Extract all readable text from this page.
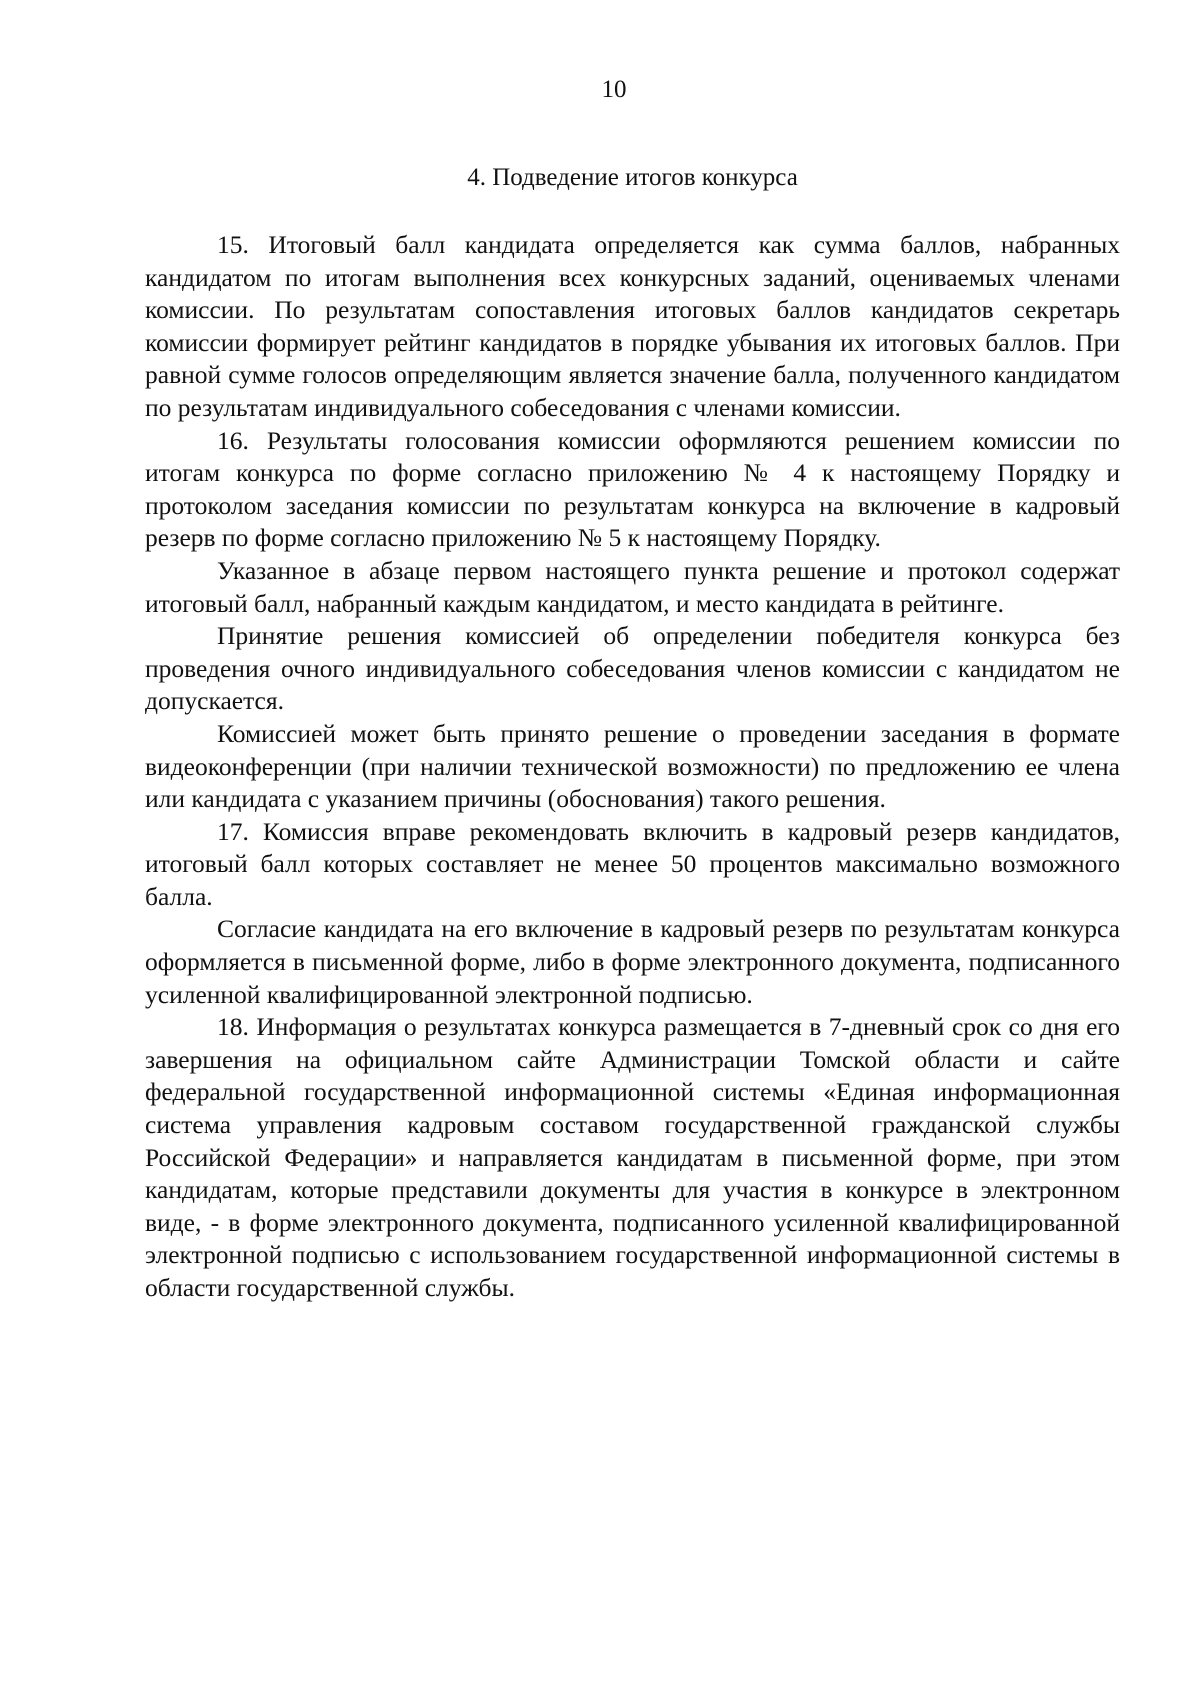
10
4. Подведение итогов конкурса

15. Итоговый балл кандидата определяется как сумма баллов, набранных кандидатом по итогам выполнения всех конкурсных заданий, оцениваемых членами комиссии. По результатам сопоставления итоговых баллов кандидатов секретарь комиссии формирует рейтинг кандидатов в порядке убывания их итоговых баллов. При равной сумме голосов определяющим является значение балла, полученного кандидатом по результатам индивидуального собеседования с членами комиссии.

16. Результаты голосования комиссии оформляются решением комиссии по итогам конкурса по форме согласно приложению № 4 к настоящему Порядку и протоколом заседания комиссии по результатам конкурса на включение в кадровый резерв по форме согласно приложению № 5 к настоящему Порядку.

Указанное в абзаце первом настоящего пункта решение и протокол содержат итоговый балл, набранный каждым кандидатом, и место кандидата в рейтинге.

Принятие решения комиссией об определении победителя конкурса без проведения очного индивидуального собеседования членов комиссии с кандидатом не допускается.

Комиссией может быть принято решение о проведении заседания в формате видеоконференции (при наличии технической возможности) по предложению ее члена или кандидата с указанием причины (обоснования) такого решения.

17. Комиссия вправе рекомендовать включить в кадровый резерв кандидатов, итоговый балл которых составляет не менее 50 процентов максимально возможного балла.

Согласие кандидата на его включение в кадровый резерв по результатам конкурса оформляется в письменной форме, либо в форме электронного документа, подписанного усиленной квалифицированной электронной подписью.

18. Информация о результатах конкурса размещается в 7-дневный срок со дня его завершения на официальном сайте Администрации Томской области и сайте федеральной государственной информационной системы «Единая информационная система управления кадровым составом государственной гражданской службы Российской Федерации» и направляется кандидатам в письменной форме, при этом кандидатам, которые представили документы для участия в конкурсе в электронном виде, - в форме электронного документа, подписанного усиленной квалифицированной электронной подписью с использованием государственной информационной системы в области государственной службы.
